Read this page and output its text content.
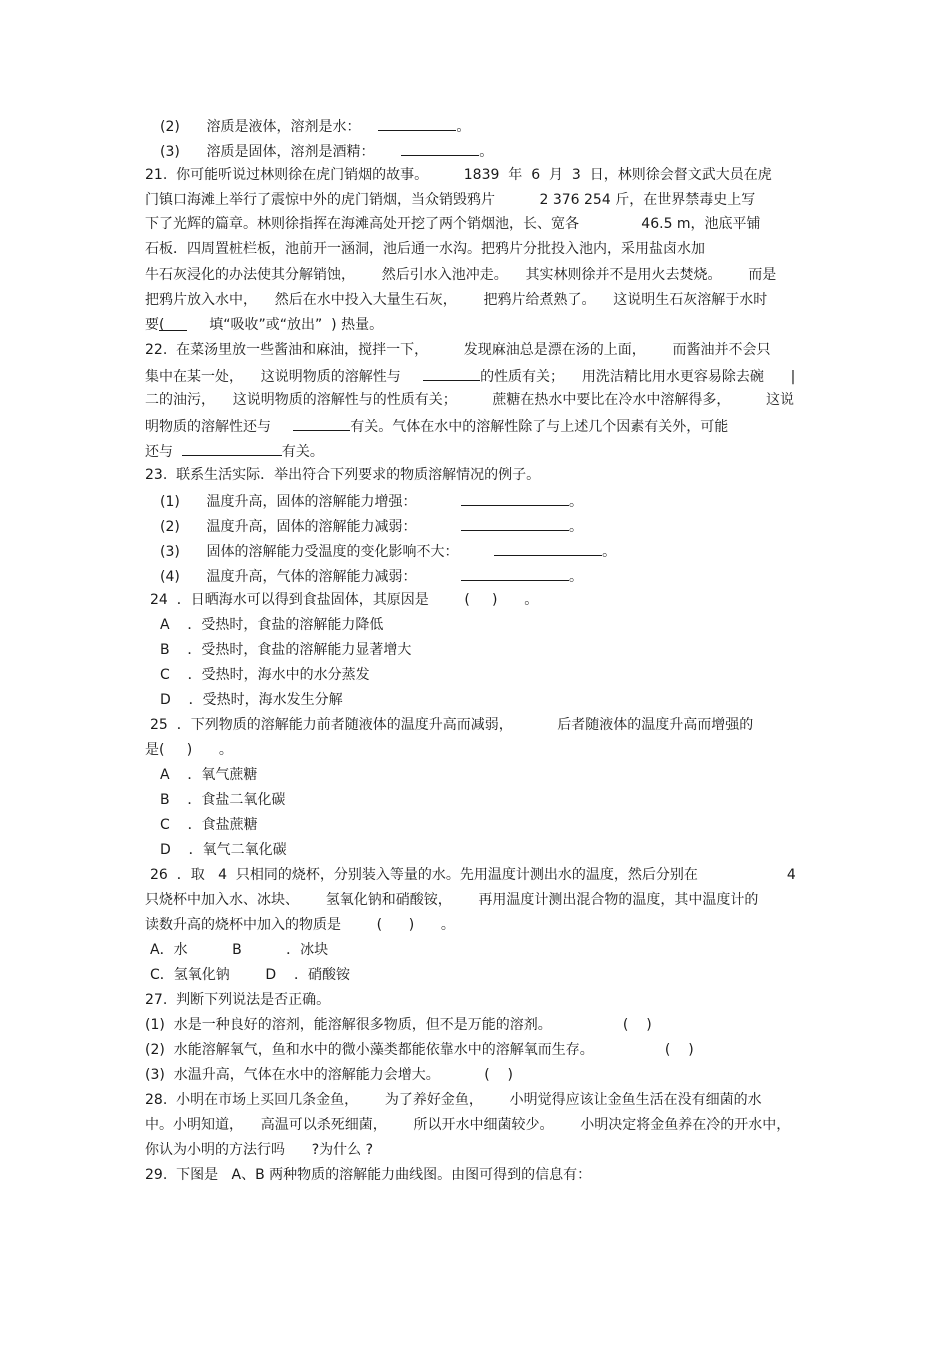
(2)      溶质是液体，溶剂是水：	。
(3)      溶质是固体，溶剂是酒精：	。
21.  你可能听说过林则徐在虎门销烟的故事。        1839  年  6  月  3  日，林则徐会督文武大员在虎
门镇口海滩上举行了震惊中外的虎门销烟，当众销毁鸦片          2 376 254 斤，在世界禁毒史上写
下了光辉的篇章。林则徐指挥在海滩高处开挖了两个销烟池，长、宽各              46.5 m，池底平铺
石板．四周置桩栏板，池前开一涵洞，池后通一水沟。把鸦片分批投入池内，采用盐卤水加
牛石灰浸化的办法使其分解销蚀，      然后引水入池冲走。    其实林则徐并不是用火去焚烧。      而是
把鸦片放入水中，    然后在水中投入大量生石灰，      把鸦片给煮熟了。    这说明生石灰溶解于水时
要(     填“吸收”或“放出”  ) 热量。
22.  在菜汤里放一些酱油和麻油，搅拌一下，        发现麻油总是漂在汤的上面，      而酱油并不会只
集中在某一处，    这说明物质的溶解性与	的性质有关；    用洗洁精比用水更容易除去碗      |
二的油污，    这说明物质的溶解性与的性质有关；        蔗糖在热水中要比在冷水中溶解得多，        这说
明物质的溶解性还与	有关。气体在水中的溶解性除了与上述几个因素有关外，可能
还与	有关。
23.  联系生活实际．举出符合下列要求的物质溶解情况的例子。
(1)      温度升高，固体的溶解能力增强：	。
(2)      温度升高，固体的溶解能力减弱：	。
(3)      固体的溶解能力受温度的变化影响不大：	。
(4)      温度升高，气体的溶解能力减弱：	。
24  ．日晒海水可以得到食盐固体，其原因是        (     )      。
A    ．受热时，食盐的溶解能力降低
B    ．受热时，食盐的溶解能力显著增大
C    ．受热时，海水中的水分蒸发
D    ．受热时，海水发生分解
25  ．下列物质的溶解能力前者随液体的温度升高而减弱，          后者随液体的温度升高而增强的
是(     )      。
A    ．氧气蔗糖
B    ．食盐二氧化碳
C    ．食盐蔗糖
D    ．氧气二氧化碳
26  ．取   4  只相同的烧杯，分别装入等量的水。先用温度计测出水的温度，然后分别在                    4
只烧杯中加入水、冰块、      氢氧化钠和硝酸铵，      再用温度计测出混合物的温度，其中温度计的
读数升高的烧杯中加入的物质是        (      )      。
A．水          B          ．冰块
C．氢氧化钠        D    ．硝酸铵
27.  判断下列说法是否正确。
(1)  水是一种良好的溶剂，能溶解很多物质，但不是万能的溶剂。                (    )
(2)  水能溶解氧气，鱼和水中的微小藻类都能依靠水中的溶解氧而生存。                (    )
(3)  水温升高，气体在水中的溶解能力会增大。          (    )
28.  小明在市场上买回几条金鱼，      为了养好金鱼，      小明觉得应该让金鱼生活在没有细菌的水
中。小明知道，    高温可以杀死细菌，      所以开水中细菌较少。      小明决定将金鱼养在冷的开水中，
你认为小明的方法行吗      ?为什么 ?
29.  下图是   A、B 两种物质的溶解能力曲线图。由图可得到的信息有：
